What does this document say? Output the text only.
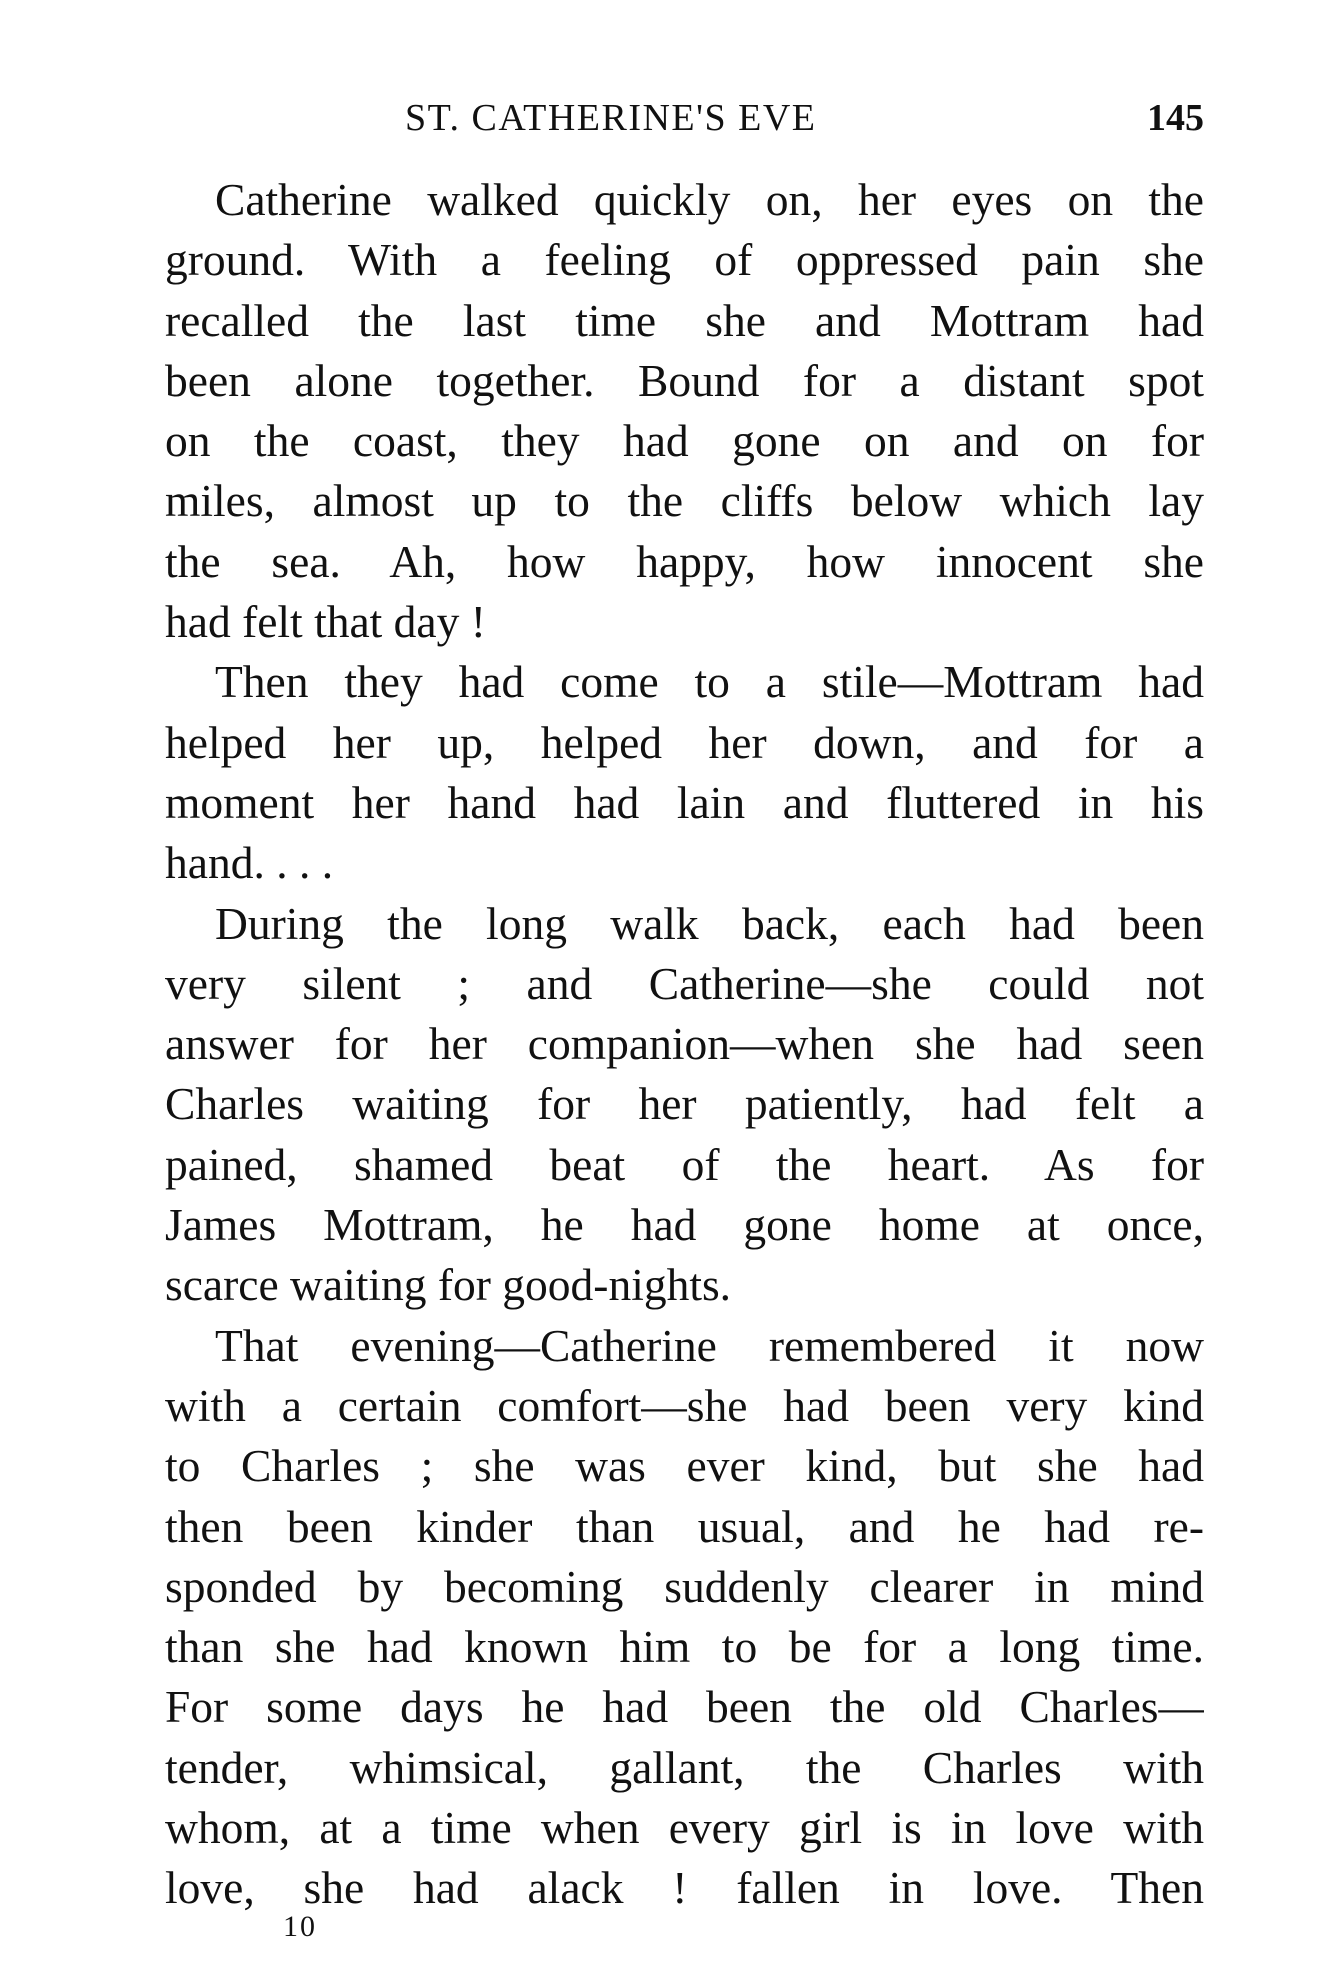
ST. CATHERINE'S EVE	145
Catherine walked quickly on, her eyes on the
ground. With a feeling of oppressed pain she
recalled the last time she and Mottram had
been alone together. Bound for a distant spot
on the coast, they had gone on and on for
miles, almost up to the cliffs below which lay
the sea. Ah, how happy, how innocent she
had felt that day !
Then they had come to a stile—Mottram had
helped her up, helped her down, and for a
moment her hand had lain and fluttered in his
hand. . . .
During the long walk back, each had been
very silent ; and Catherine—she could not
answer for her companion—when she had seen
Charles waiting for her patiently, had felt a
pained, shamed beat of the heart. As for
James Mottram, he had gone home at once,
scarce waiting for good-nights.
That evening—Catherine remembered it now
with a certain comfort—she had been very kind
to Charles ; she was ever kind, but she had
then been kinder than usual, and he had re-
sponded by becoming suddenly clearer in mind
than she had known him to be for a long time.
For some days he had been the old Charles—
tender, whimsical, gallant, the Charles with
whom, at a time when every girl is in love with
love, she had alack ! fallen in love. Then
10
